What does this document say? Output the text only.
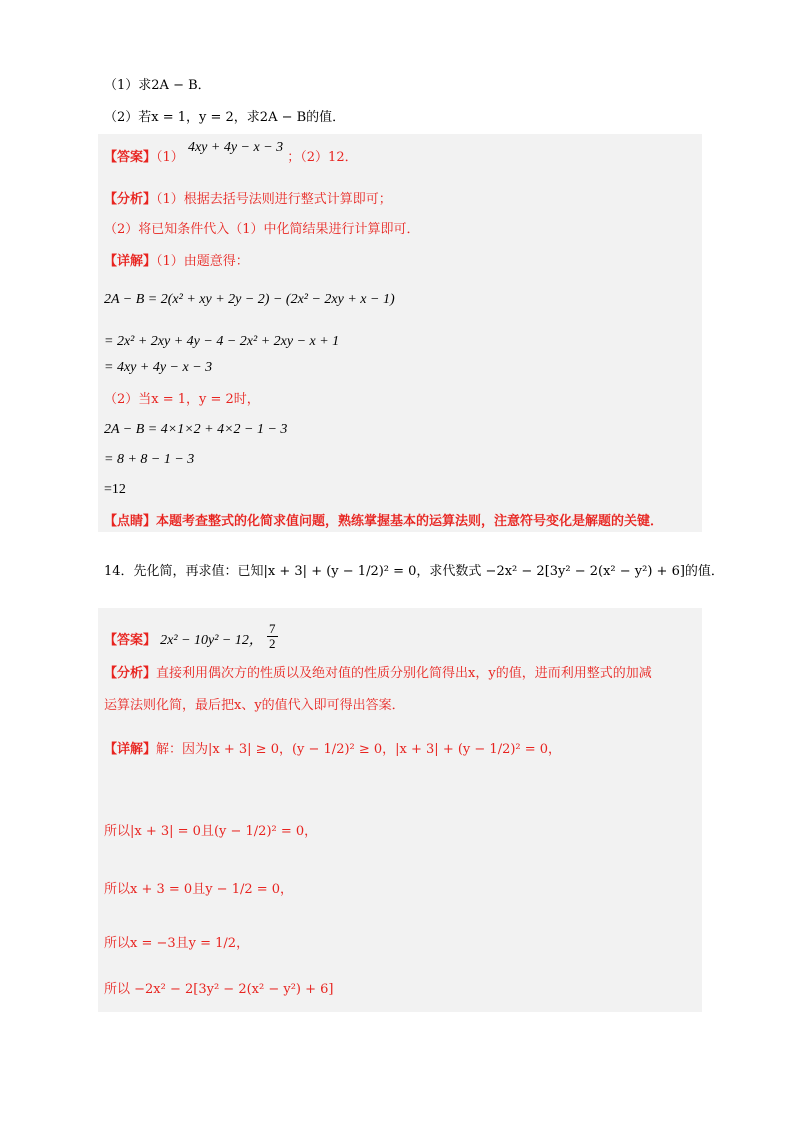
（1）求2A − B．
（2）若x = 1，y = 2，求2A − B的值．
【答案】（1） 4xy + 4y − x − 3 ；（2）12．
【分析】（1）根据去括号法则进行整式计算即可；
（2）将已知条件代入（1）中化简结果进行计算即可．
【详解】（1）由题意得：
2A − B = 2(x² + xy + 2y − 2) − (2x² − 2xy + x − 1)
= 2x² + 2xy + 4y − 4 − 2x² + 2xy − x + 1
= 4xy + 4y − x − 3
（2）当x = 1，y = 2时，
2A − B = 4×1×2 + 4×2 − 1 − 3
= 8 + 8 − 1 − 3
=12
【点睛】本题考查整式的化简求值问题，熟练掌握基本的运算法则，注意符号变化是解题的关键．
14．先化简，再求值：已知|x + 3| + (y − 1/2)² = 0，求代数式 −2x² − 2[3y² − 2(x² − y²) + 6]的值．
【答案】 2x² − 10y² − 12， $\frac{7}{2}$
【分析】直接利用偶次方的性质以及绝对值的性质分别化简得出x，y的值，进而利用整式的加减
运算法则化简，最后把x、y的值代入即可得出答案．
【详解】解：因为|x + 3| ≥ 0，(y − 1/2)² ≥ 0，|x + 3| + (y − 1/2)² = 0，
所以|x + 3| = 0且(y − 1/2)² = 0，
所以x + 3 = 0且y − 1/2 = 0，
所以x = −3且y = 1/2，
所以 −2x² − 2[3y² − 2(x² − y²) + 6]
